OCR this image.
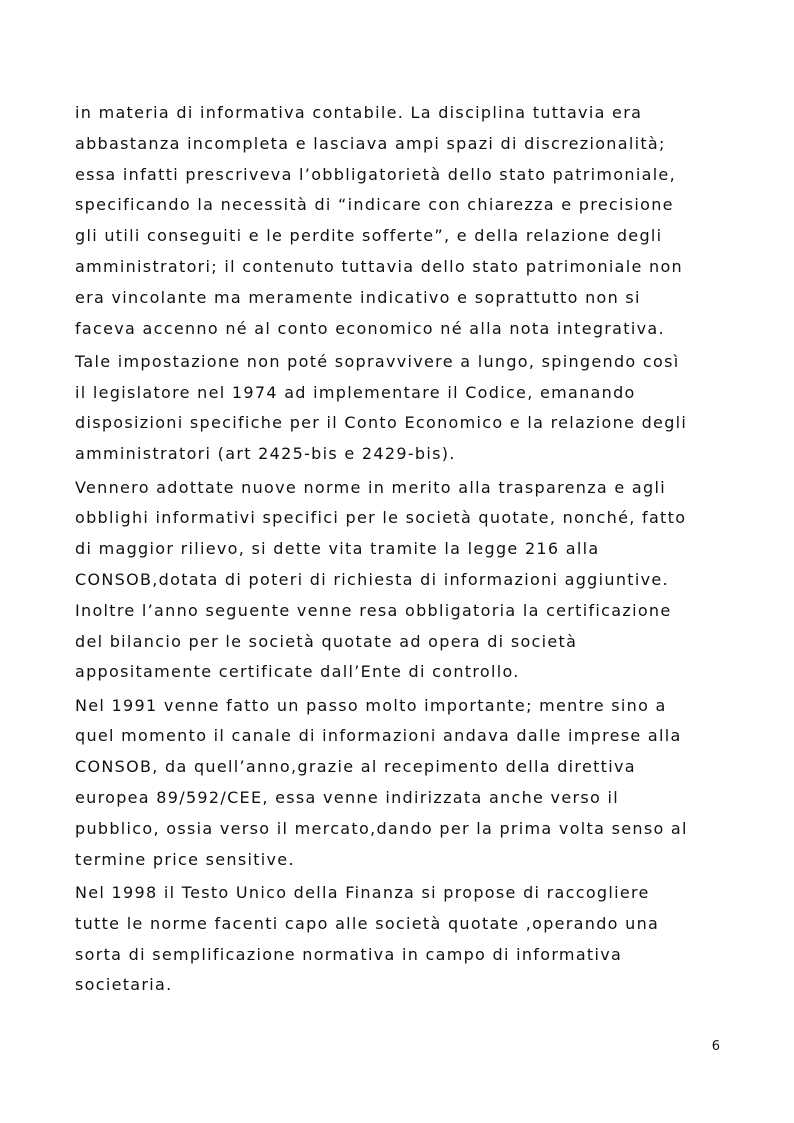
in materia di informativa contabile. La disciplina tuttavia era
abbastanza incompleta e lasciava ampi spazi di discrezionalità;
essa infatti prescriveva l’obbligatorietà dello stato patrimoniale,
specificando la necessità di “indicare con chiarezza e precisione
gli utili conseguiti e le perdite sofferte”, e della relazione degli
amministratori; il contenuto tuttavia dello stato patrimoniale non
era vincolante ma meramente indicativo e soprattutto non si
faceva accenno né al conto economico né alla nota integrativa.

Tale impostazione non poté sopravvivere a lungo, spingendo così
il legislatore nel 1974 ad implementare il Codice, emanando
disposizioni specifiche per il Conto Economico e la relazione degli
amministratori (art 2425-bis e 2429-bis).

Vennero adottate nuove norme in merito alla trasparenza e agli
obblighi informativi specifici per le società quotate, nonché, fatto
di maggior rilievo, si dette vita tramite la legge 216 alla
CONSOB,dotata di poteri di richiesta di informazioni aggiuntive.
Inoltre l’anno seguente venne resa obbligatoria la certificazione
del bilancio per le società quotate ad opera di società
appositamente certificate dall’Ente di controllo.

Nel 1991 venne fatto un passo molto importante; mentre sino a
quel momento il canale di informazioni andava dalle imprese alla
CONSOB, da quell’anno,grazie al recepimento della direttiva
europea 89/592/CEE, essa venne indirizzata anche verso il
pubblico, ossia verso il mercato,dando per la prima volta senso al
termine price sensitive.

Nel 1998 il Testo Unico della Finanza si propose di raccogliere
tutte le norme facenti capo alle società quotate ,operando una
sorta di semplificazione normativa in campo di informativa
societaria.

6
